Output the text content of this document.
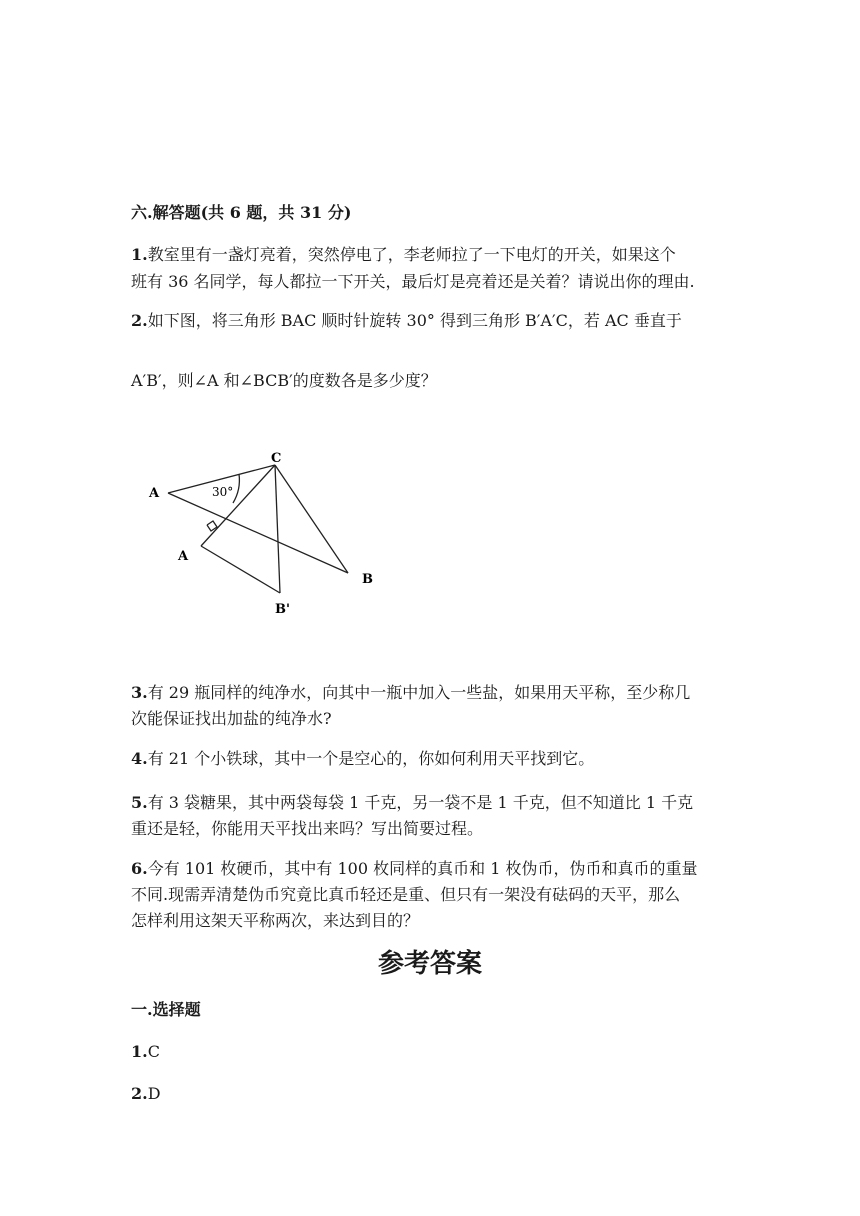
六.解答题(共 6 题，共 31 分)
1.教室里有一盏灯亮着，突然停电了，李老师拉了一下电灯的开关，如果这个
班有 36 名同学，每人都拉一下开关，最后灯是亮着还是关着？请说出你的理由.
2.如下图，将三角形 BAC 顺时针旋转 30° 得到三角形 B′A′C，若 AC 垂直于
A′B′，则∠A 和∠BCB′的度数各是多少度？
C
A
A
B
B'
30°
3.有 29 瓶同样的纯净水，向其中一瓶中加入一些盐，如果用天平称，至少称几
次能保证找出加盐的纯净水?
4.有 21 个小铁球，其中一个是空心的，你如何利用天平找到它。
5.有 3 袋糖果，其中两袋每袋 1 千克，另一袋不是 1 千克，但不知道比 1 千克
重还是轻，你能用天平找出来吗？写出简要过程。
6.今有 101 枚硬币，其中有 100 枚同样的真币和 1 枚伪币，伪币和真币的重量
不同.现需弄清楚伪币究竟比真币轻还是重、但只有一架没有砝码的天平，那么
怎样利用这架天平称两次，来达到目的？
参考答案
一.选择题
1.C
2.D
